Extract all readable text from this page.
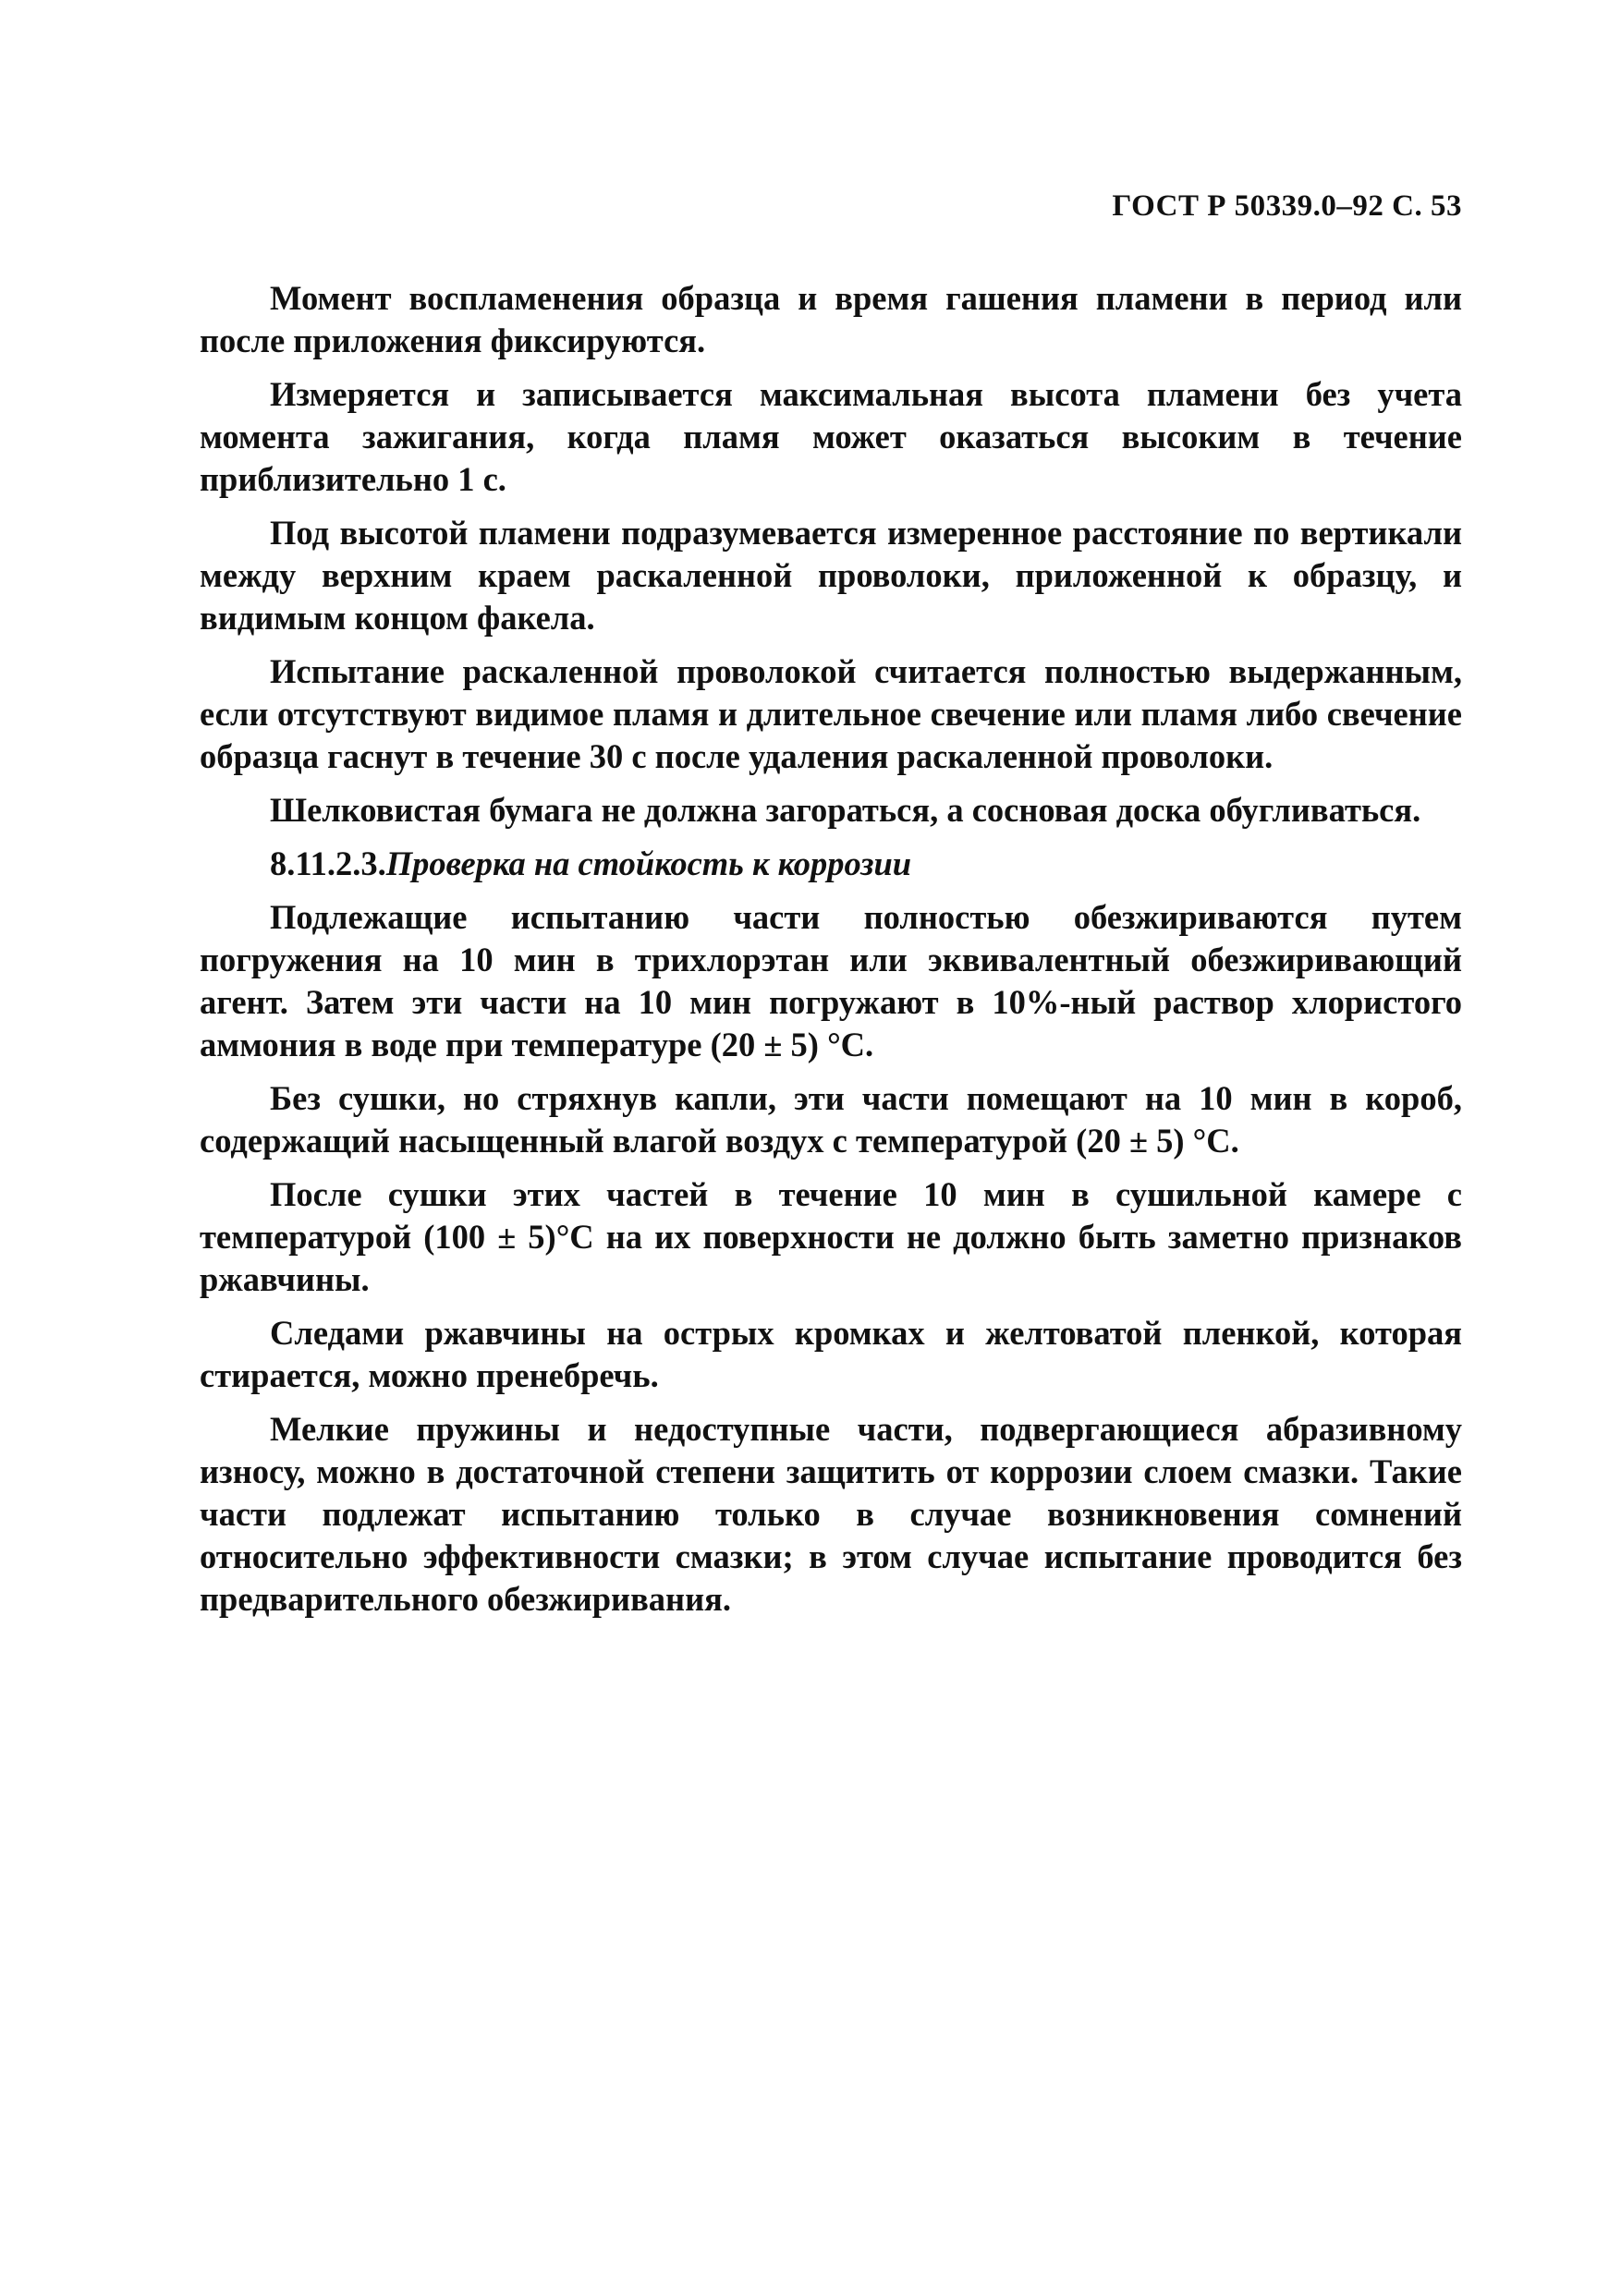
ГОСТ Р 50339.0–92 С. 53

Момент воспламенения образца и время гашения пламени в период или после приложения фиксируются.

Измеряется и записывается максимальная высота пламени без учета момента зажигания, когда пламя может оказаться высоким в течение приблизительно 1 с.

Под высотой пламени подразумевается измеренное расстояние по вертикали между верхним краем раскаленной проволоки, приложенной к образцу, и видимым концом факела.

Испытание раскаленной проволокой считается полностью выдержанным, если отсутствуют видимое пламя и длительное свечение или пламя либо свечение образца гаснут в течение 30 с после удаления раскаленной проволоки.

Шелковистая бумага не должна загораться, а сосновая доска обугливаться.

8.11.2.3.Проверка на стойкость к коррозии

Подлежащие испытанию части полностью обезжириваются путем погружения на 10 мин в трихлорэтан или эквивалентный обезжиривающий агент. Затем эти части на 10 мин погружают в 10%-ный раствор хлористого аммония в воде при температуре (20 ± 5) °С.

Без сушки, но стряхнув капли, эти части помещают на 10 мин в короб, содержащий насыщенный влагой воздух с температурой (20 ± 5) °С.

После сушки этих частей в течение 10 мин в сушильной камере с температурой (100 ± 5)°С на их поверхности не должно быть заметно признаков ржавчины.

Следами ржавчины на острых кромках и желтоватой пленкой, которая стирается, можно пренебречь.

Мелкие пружины и недоступные части, подвергающиеся абразивному износу, можно в достаточной степени защитить от коррозии слоем смазки. Такие части подлежат испытанию только в случае возникновения сомнений относительно эффективности смазки; в этом случае испытание проводится без предварительного обезжиривания.
